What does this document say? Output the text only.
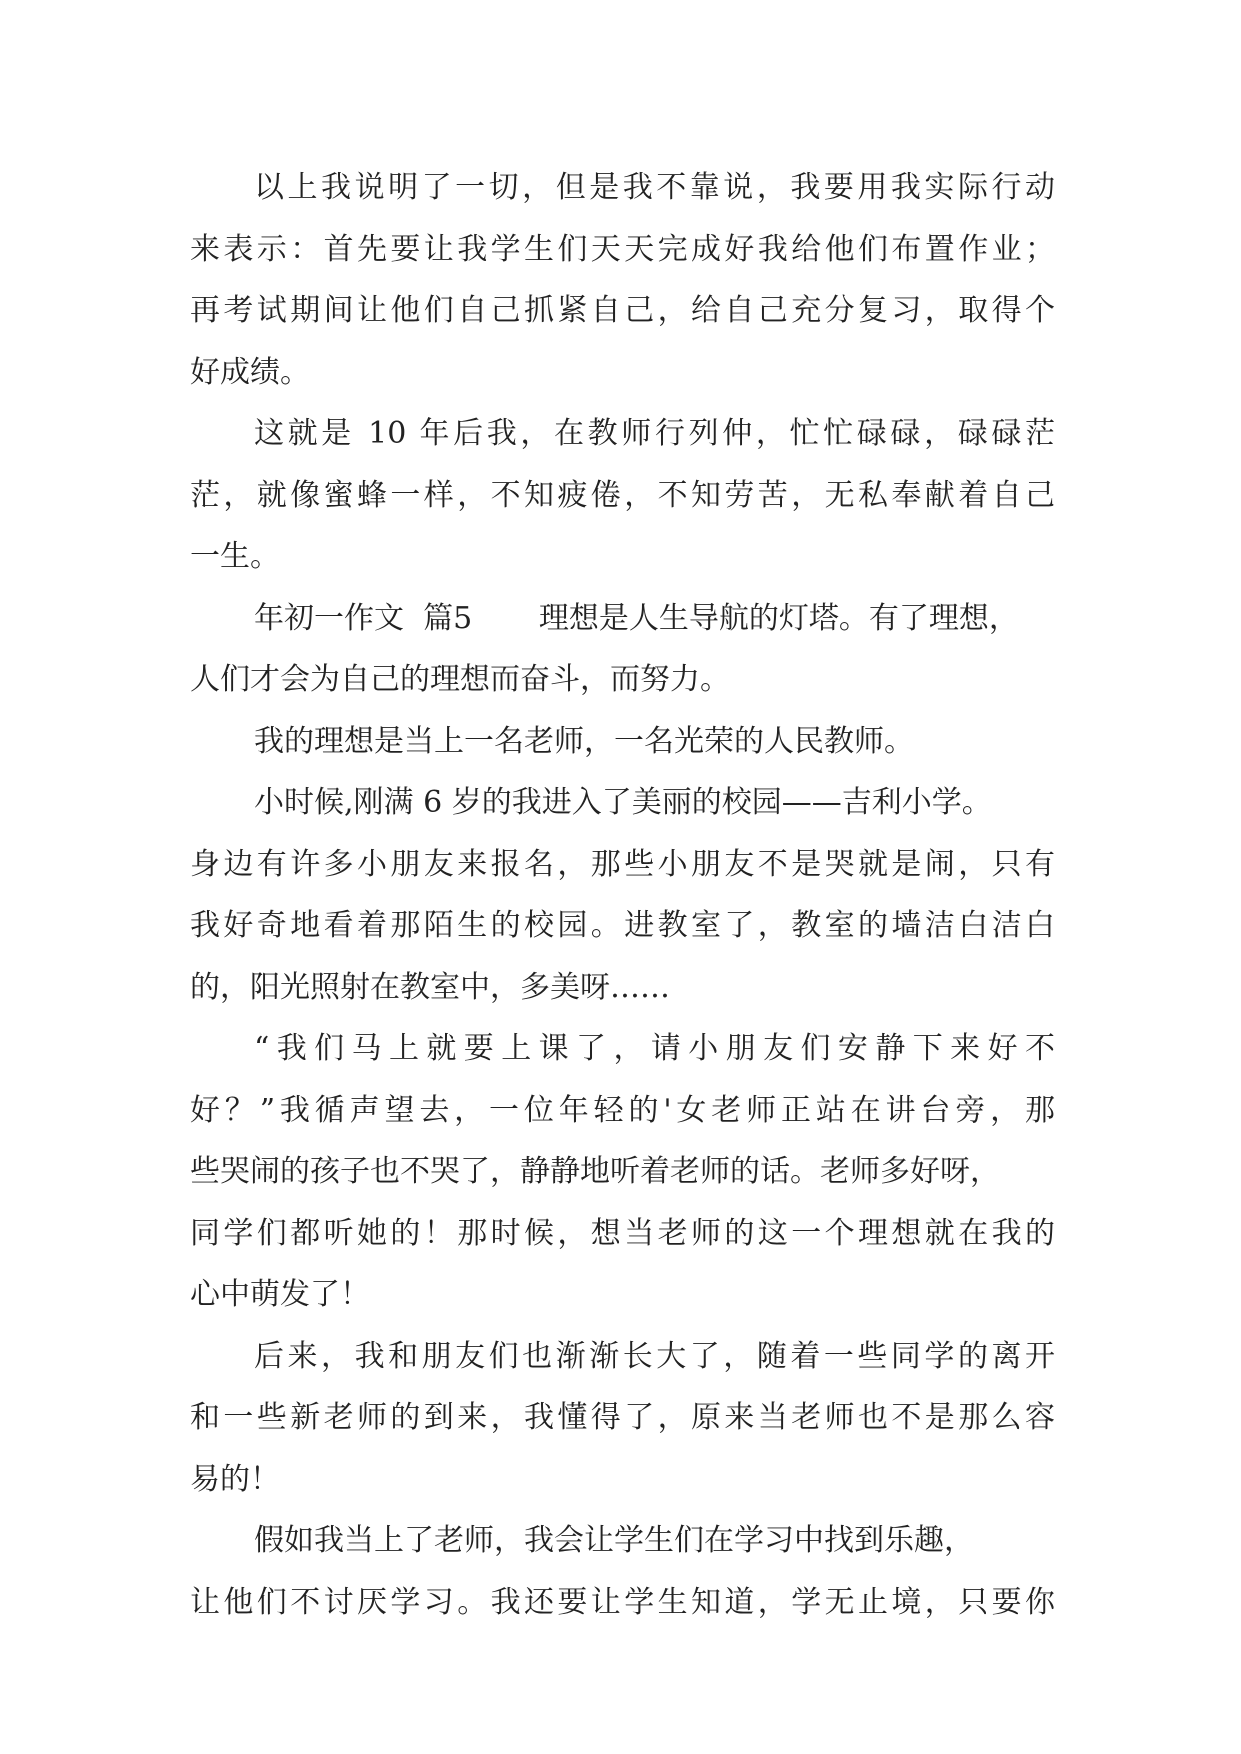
以上我说明了一切，但是我不靠说，我要用我实际行动
来表示：首先要让我学生们天天完成好我给他们布置作业；
再考试期间让他们自己抓紧自己，给自己充分复习，取得个
好成绩。
这就是 10 年后我，在教师行列仲，忙忙碌碌，碌碌茫
茫，就像蜜蜂一样，不知疲倦，不知劳苦，无私奉献着自己
一生。
年初一作文  篇5       理想是人生导航的灯塔。有了理想，
人们才会为自己的理想而奋斗，而努力。
我的理想是当上一名老师，一名光荣的人民教师。
小时候,刚满 6 岁的我进入了美丽的校园——吉利小学。
身边有许多小朋友来报名，那些小朋友不是哭就是闹，只有
我好奇地看着那陌生的校园。进教室了，教室的墙洁白洁白
的，阳光照射在教室中，多美呀……
“我们马上就要上课了，请小朋友们安静下来好不
好？”我循声望去，一位年轻的'女老师正站在讲台旁，那
些哭闹的孩子也不哭了，静静地听着老师的话。老师多好呀，
同学们都听她的！那时候，想当老师的这一个理想就在我的
心中萌发了！
后来，我和朋友们也渐渐长大了，随着一些同学的离开
和一些新老师的到来，我懂得了，原来当老师也不是那么容
易的！
假如我当上了老师，我会让学生们在学习中找到乐趣，
让他们不讨厌学习。我还要让学生知道，学无止境，只要你
